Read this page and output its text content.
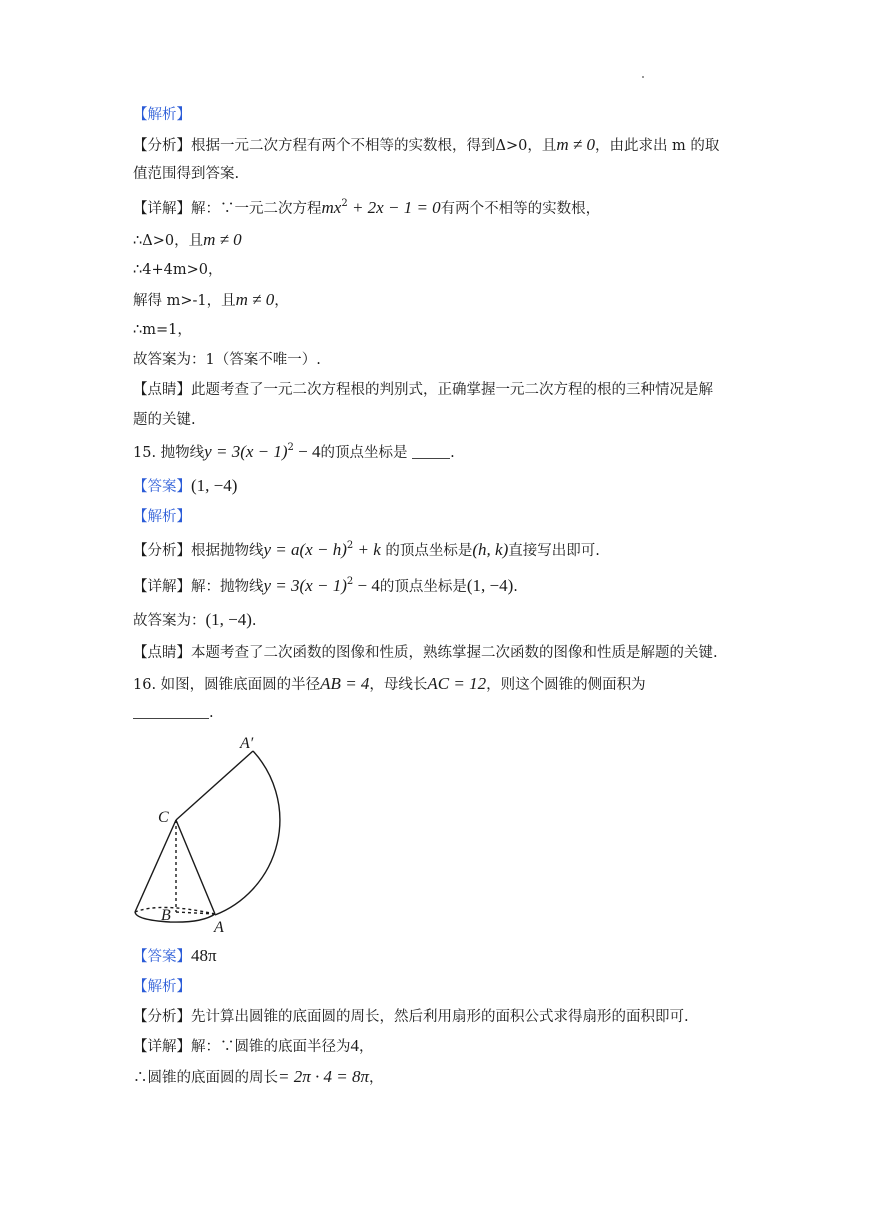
【解析】
【分析】根据一元二次方程有两个不相等的实数根，得到Δ>0，且m ≠ 0，由此求出 m 的取
值范围得到答案.
【详解】解：∵一元二次方程$mx^2 + 2x - 1 = 0$有两个不相等的实数根，
∴Δ>0，且m ≠ 0
∴4+4m>0，
解得 m>-1，且m ≠ 0，
∴m=1，
故答案为：1（答案不唯一）.
【点睛】此题考查了一元二次方程根的判别式，正确掌握一元二次方程的根的三种情况是解
题的关键.
15. 抛物线$y = 3(x - 1)^2 - 4$的顶点坐标是	.
【答案】(1, −4)
【解析】
【分析】根据抛物线$y = a(x - h)^2 + k$ 的顶点坐标是(h, k)直接写出即可.
【详解】解：抛物线$y = 3(x - 1)^2 - 4$的顶点坐标是(1, −4).
故答案为：(1, −4).
【点睛】本题考查了二次函数的图像和性质，熟练掌握二次函数的图像和性质是解题的关键.
16. 如图，圆锥底面圆的半径AB = 4，母线长AC = 12，则这个圆锥的侧面积为
.
A′
C
B
A
【答案】48π
【解析】
【分析】先计算出圆锥的底面圆的周长，然后利用扇形的面积公式求得扇形的面积即可.
【详解】解：∵圆锥的底面半径为4，
∴圆锥的底面圆的周长= 2π · 4 = 8π，
